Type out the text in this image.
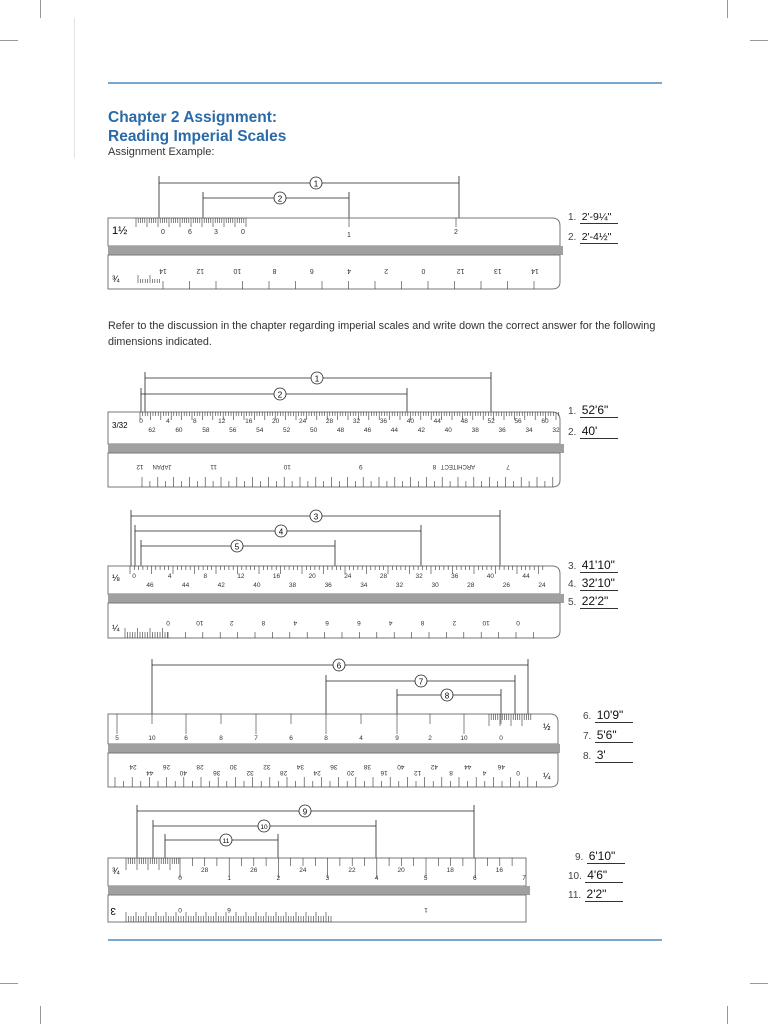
Chapter 2 Assignment:
Reading Imperial Scales
Assignment Example:
Refer to the discussion in the chapter regarding imperial scales and write down the correct answer for the following dimensions indicated.
1
2
1½
¾
0	6	3	0	1	2
14	12	10	8	6	4	2	0	12	13	14
1. 2'-9¼"
2. 2'-4½"
1
2
3/32 0	4	8	12	16	20	24	28	32	36	40	44	48	52	56	60
62	60	58	56	54	52	50	48	46	44	42	40	38	36	34	32
12	11	10	9	8	7
JAPAN	ARCHITECT
1. 52'6"
2. 40'
3
4
5
⅛
¼
0	4	8	12	16	20	24	28	32	36	40	44
46	44	42	40	38	36	34	32	30	28	26	24
0	10	2	8	4	6	6	4	8	2	10	0
3. 41'10"
4. 32'10"
5. 22'2"
6
7
8
½
¼
5	10	6	8	7	6	8	4	9	2	10	0
24
44
26
40
28
36
30
32
32
28
34
24
36
20
38
16
40
12
42
8
44
4
46
0
6. 10'9"
7. 5'6"
8. 3'
9
10
11
¾
3
0
28
1
26
2
24
3
22
4
20
5
18
6
16
7
0	6	1
9. 6'10"
10. 4'6"
11. 2'2"
